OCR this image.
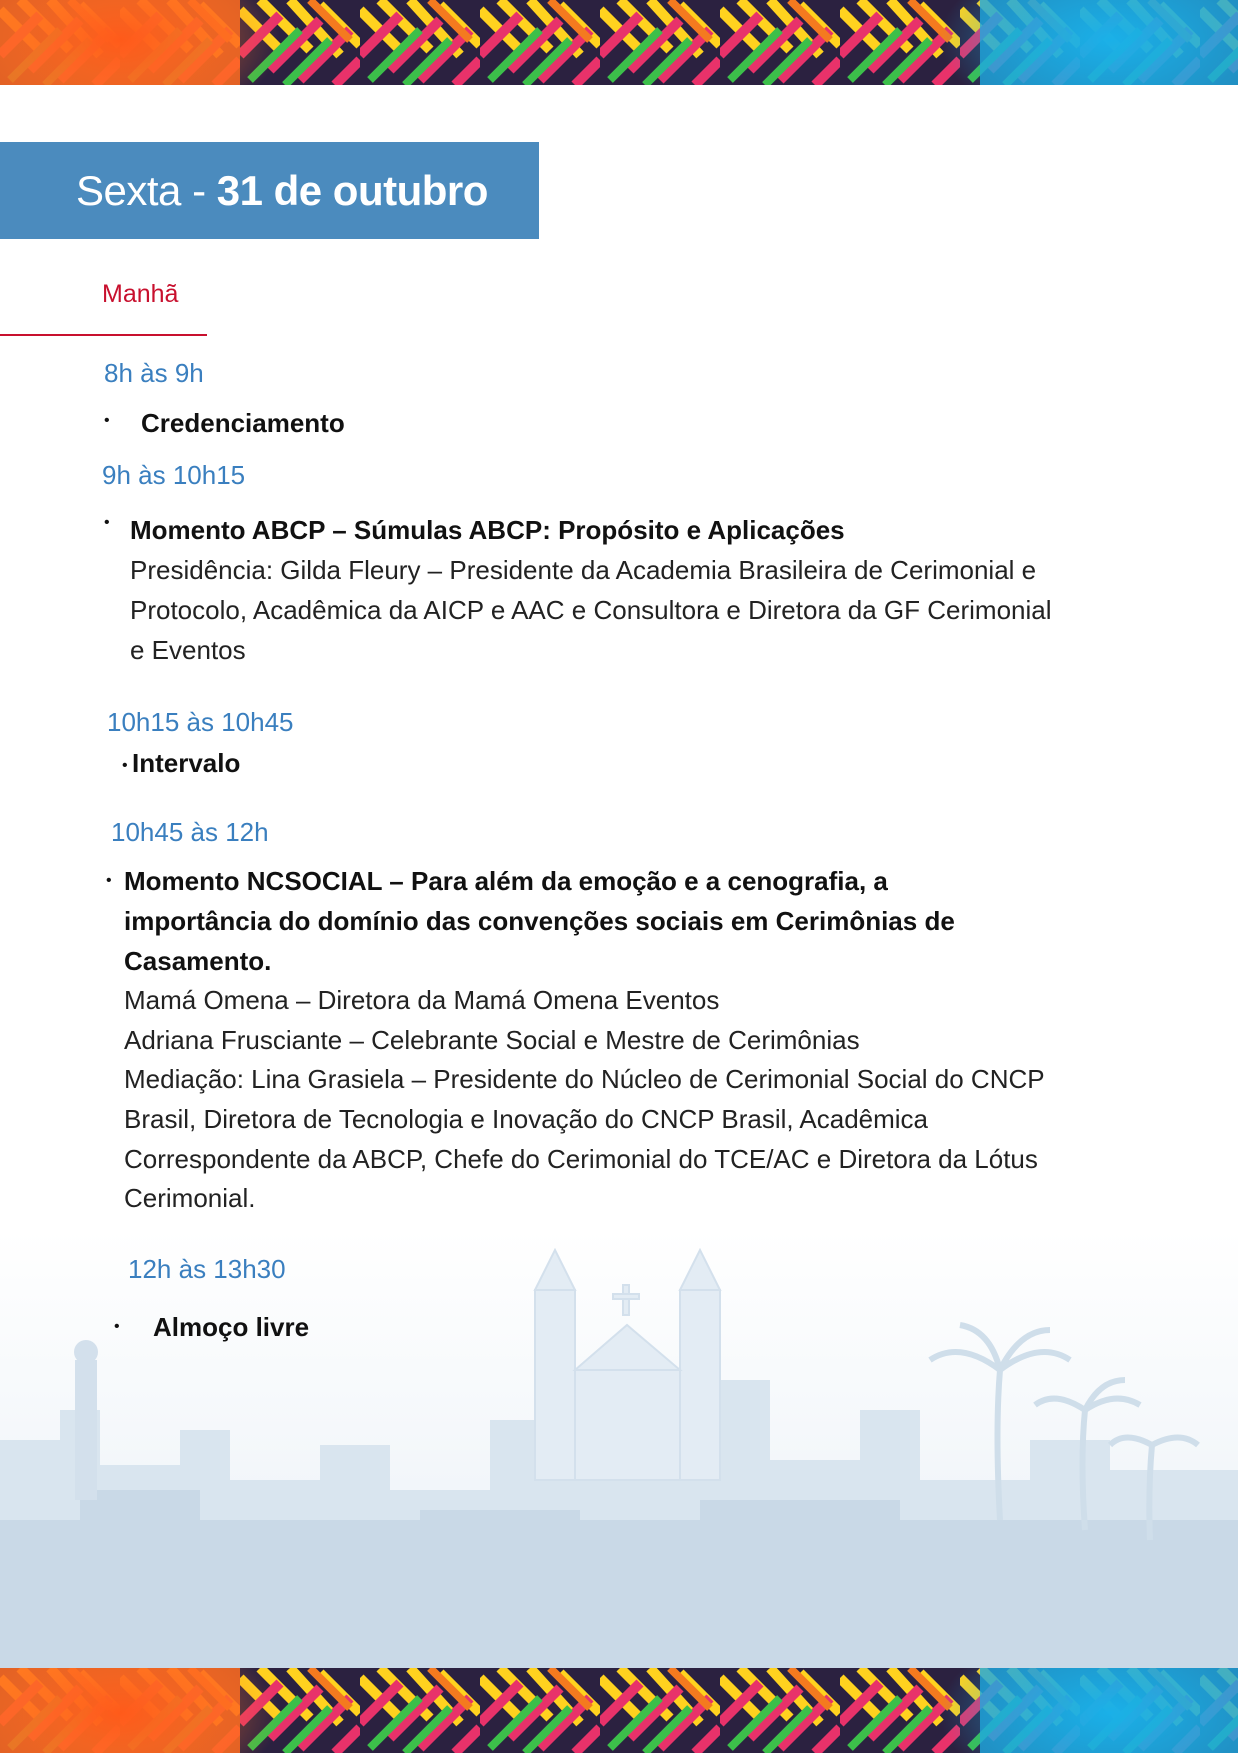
Sexta - 31 de outubro
Manhã
8h às 9h
• Credenciamento
9h às 10h15
• Momento ABCP – Súmulas ABCP: Propósito e Aplicações
Presidência: Gilda Fleury – Presidente da Academia Brasileira de Cerimonial e
Protocolo, Acadêmica da AICP e AAC e Consultora e Diretora da GF Cerimonial
e Eventos
10h15 às 10h45
• Intervalo
10h45 às 12h
• Momento NCSOCIAL – Para além da emoção e a cenografia, a
importância do domínio das convenções sociais em Cerimônias de
Casamento.
Mamá Omena – Diretora da Mamá Omena Eventos
Adriana Frusciante – Celebrante Social e Mestre de Cerimônias
Mediação: Lina Grasiela – Presidente do Núcleo de Cerimonial Social do CNCP
Brasil, Diretora de Tecnologia e Inovação do CNCP Brasil, Acadêmica
Correspondente da ABCP, Chefe do Cerimonial do TCE/AC e Diretora da Lótus
Cerimonial.
12h às 13h30
• Almoço livre
